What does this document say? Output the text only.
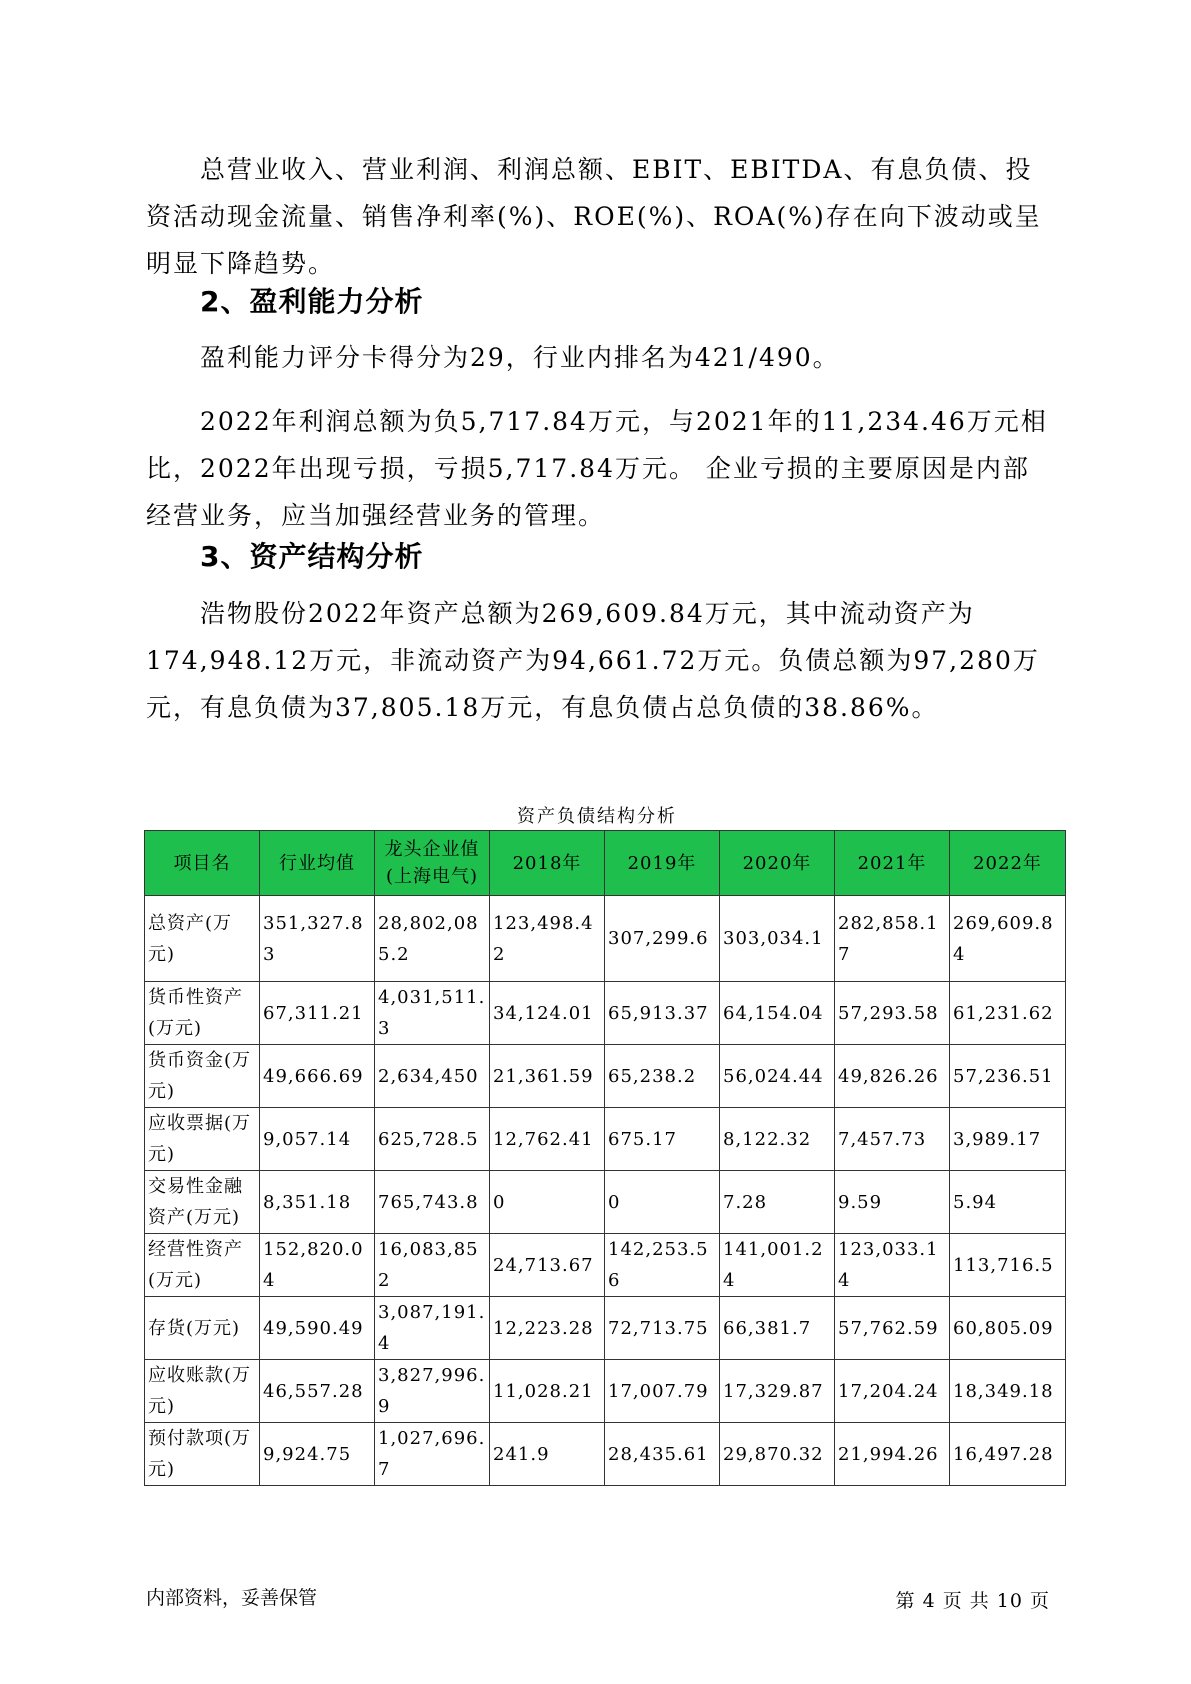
总营业收入、营业利润、利润总额、EBIT、EBITDA、有息负债、投资活动现金流量、销售净利率(%)、ROE(%)、ROA(%)存在向下波动或呈明显下降趋势。

2、盈利能力分析

盈利能力评分卡得分为29，行业内排名为421/490。

2022年利润总额为负5,717.84万元，与2021年的11,234.46万元相比，2022年出现亏损，亏损5,717.84万元。 企业亏损的主要原因是内部经营业务，应当加强经营业务的管理。

3、资产结构分析

浩物股份2022年资产总额为269,609.84万元，其中流动资产为174,948.12万元，非流动资产为94,661.72万元。负债总额为97,280万元，有息负债为37,805.18万元，有息负债占总负债的38.86%。

资产负债结构分析
项目名	行业均值	龙头企业值(上海电气)	2018年	2019年	2020年	2021年	2022年
总资产(万元)	351,327.83	28,802,085.2	123,498.42	307,299.6	303,034.1	282,858.17	269,609.84
货币性资产(万元)	67,311.21	4,031,511.3	34,124.01	65,913.37	64,154.04	57,293.58	61,231.62
货币资金(万元)	49,666.69	2,634,450	21,361.59	65,238.2	56,024.44	49,826.26	57,236.51
应收票据(万元)	9,057.14	625,728.5	12,762.41	675.17	8,122.32	7,457.73	3,989.17
交易性金融资产(万元)	8,351.18	765,743.8	0	0	7.28	9.59	5.94
经营性资产(万元)	152,820.04	16,083,852	24,713.67	142,253.56	141,001.24	123,033.14	113,716.5
存货(万元)	49,590.49	3,087,191.4	12,223.28	72,713.75	66,381.7	57,762.59	60,805.09
应收账款(万元)	46,557.28	3,827,996.9	11,028.21	17,007.79	17,329.87	17,204.24	18,349.18
预付款项(万元)	9,924.75	1,027,696.7	241.9	28,435.61	29,870.32	21,994.26	16,497.28
内部资料，妥善保管	第 4 页 共 10 页
